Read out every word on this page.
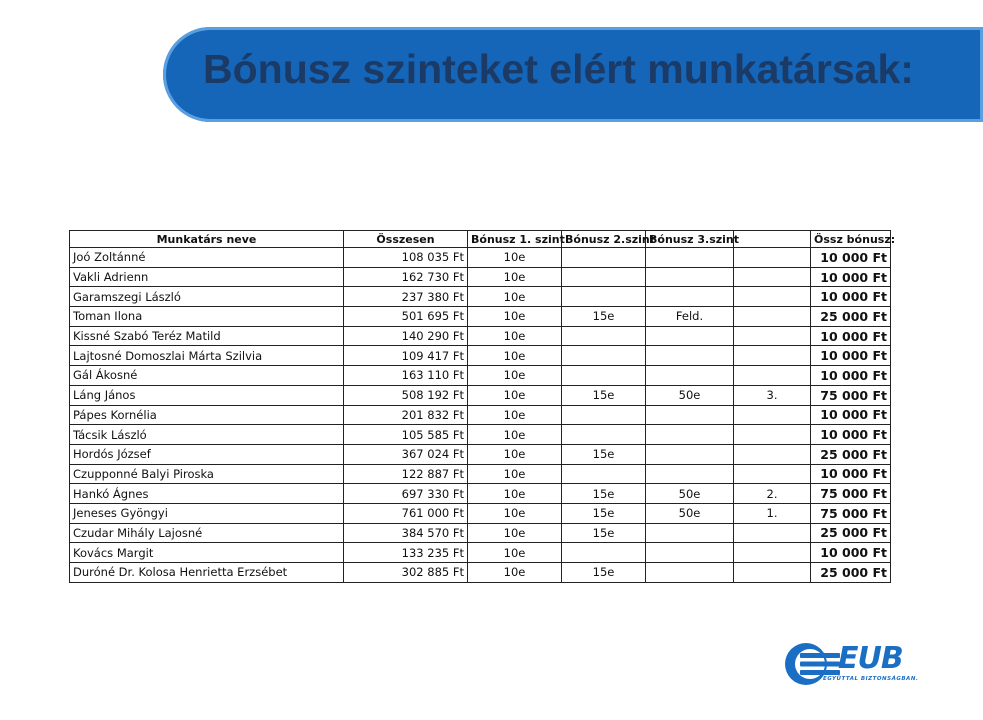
Bónusz szinteket elért munkatársak:
Munkatárs neve	Összesen	Bónusz 1. szint	Bónusz 2.szint	Bónusz 3.szint		Össz bónusz:
Joó Zoltánné	108 035 Ft	10e				10 000 Ft
Vakli Adrienn	162 730 Ft	10e				10 000 Ft
Garamszegi László	237 380 Ft	10e				10 000 Ft
Toman Ilona	501 695 Ft	10e	15e	Feld.		25 000 Ft
Kissné Szabó Teréz Matild	140 290 Ft	10e				10 000 Ft
Lajtosné Domoszlai Márta Szilvia	109 417 Ft	10e				10 000 Ft
Gál Ákosné	163 110 Ft	10e				10 000 Ft
Láng János	508 192 Ft	10e	15e	50e	3.	75 000 Ft
Pápes Kornélia	201 832 Ft	10e				10 000 Ft
Tácsik László	105 585 Ft	10e				10 000 Ft
Hordós József	367 024 Ft	10e	15e			25 000 Ft
Czupponné Balyi Piroska	122 887 Ft	10e				10 000 Ft
Hankó Ágnes	697 330 Ft	10e	15e	50e	2.	75 000 Ft
Jeneses Gyöngyi	761 000 Ft	10e	15e	50e	1.	75 000 Ft
Czudar Mihály Lajosné	384 570 Ft	10e	15e			25 000 Ft
Kovács Margit	133 235 Ft	10e				10 000 Ft
Duróné Dr. Kolosa Henrietta Erzsébet	302 885 Ft	10e	15e			25 000 Ft
EUB
EGYÜTTAL BIZTONSÁGBAN.
